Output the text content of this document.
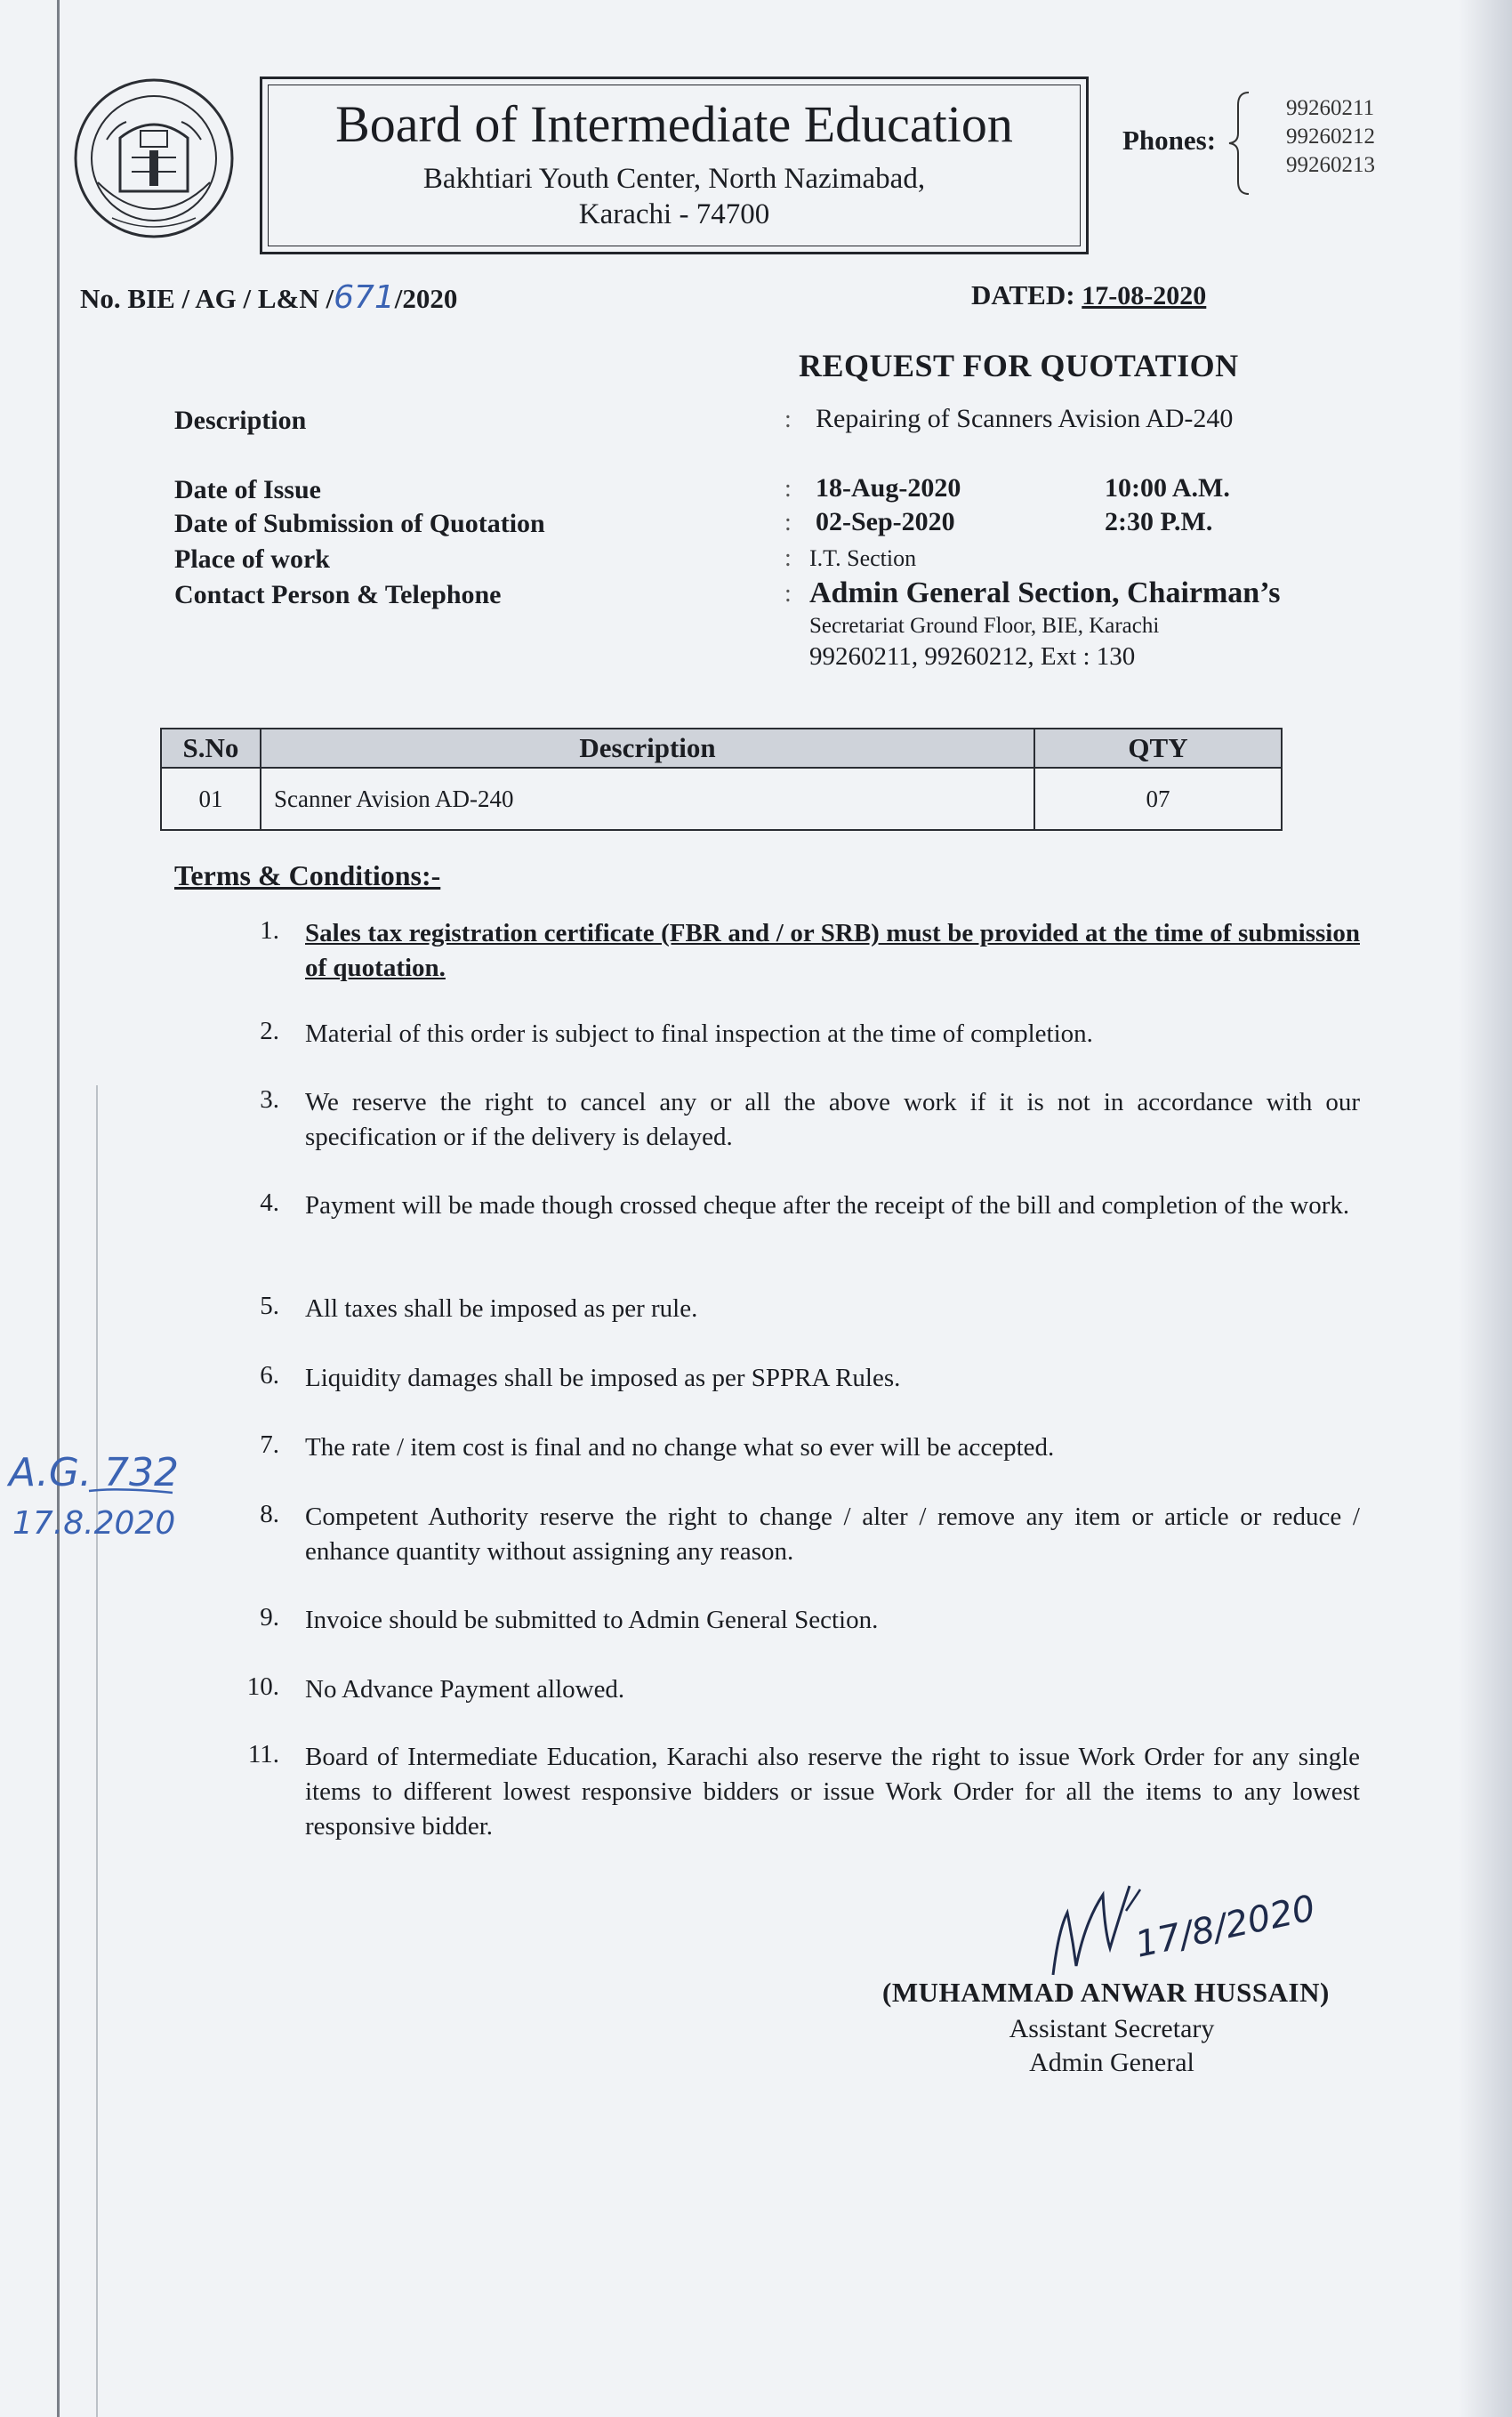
Board of Intermediate Education
Bakhtiari Youth Center, North Nazimabad,
Karachi - 74700
Phones:
99260211
99260212
99260213
No. BIE / AG / L&N /671/2020	DATED: 17-08-2020
REQUEST FOR QUOTATION
Description	: Repairing of Scanners Avision AD-240
Date of Issue	: 18-Aug-2020	10:00 A.M.
Date of Submission of Quotation	: 02-Sep-2020	2:30 P.M.
Place of work	: I.T. Section
Contact Person & Telephone	: Admin General Section, Chairman’s
Secretariat Ground Floor, BIE, Karachi
99260211, 99260212, Ext : 130
S.No	Description	QTY
01	Scanner Avision AD-240	07
Terms & Conditions:-
1. Sales tax registration certificate (FBR and / or SRB) must be provided at the time of submission of quotation.
2. Material of this order is subject to final inspection at the time of completion.
3. We reserve the right to cancel any or all the above work if it is not in accordance with our specification or if the delivery is delayed.
4. Payment will be made though crossed cheque after the receipt of the bill and completion of the work.
5. All taxes shall be imposed as per rule.
6. Liquidity damages shall be imposed as per SPPRA Rules.
7. The rate / item cost is final and no change what so ever will be accepted.
8. Competent Authority reserve the right to change / alter / remove any item or article or reduce / enhance quantity without assigning any reason.
9. Invoice should be submitted to Admin General Section.
10. No Advance Payment allowed.
11. Board of Intermediate Education, Karachi also reserve the right to issue Work Order for any single items to different lowest responsive bidders or issue Work Order for all the items to any lowest responsive bidder.
A.G. 732
17.8.2020
17/8/2020
(MUHAMMAD ANWAR HUSSAIN)
Assistant Secretary
Admin General
